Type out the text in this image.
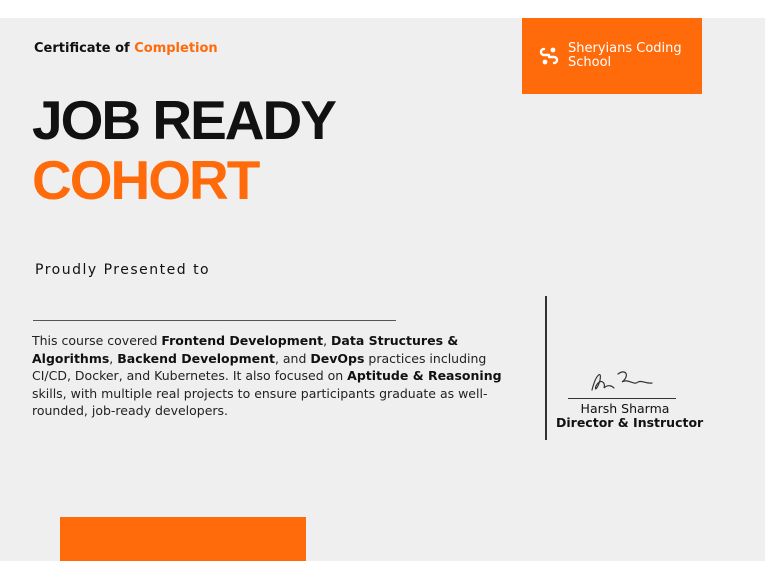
Certificate of Completion	Sheryians Coding School
JOB READY
COHORT
Proudly Presented to
This course covered Frontend Development, Data Structures & Algorithms, Backend Development, and DevOps practices including CI/CD, Docker, and Kubernetes. It also focused on Aptitude & Reasoning skills, with multiple real projects to ensure participants graduate as well-rounded, job-ready developers.	Harsh Sharma
Director & Instructor
